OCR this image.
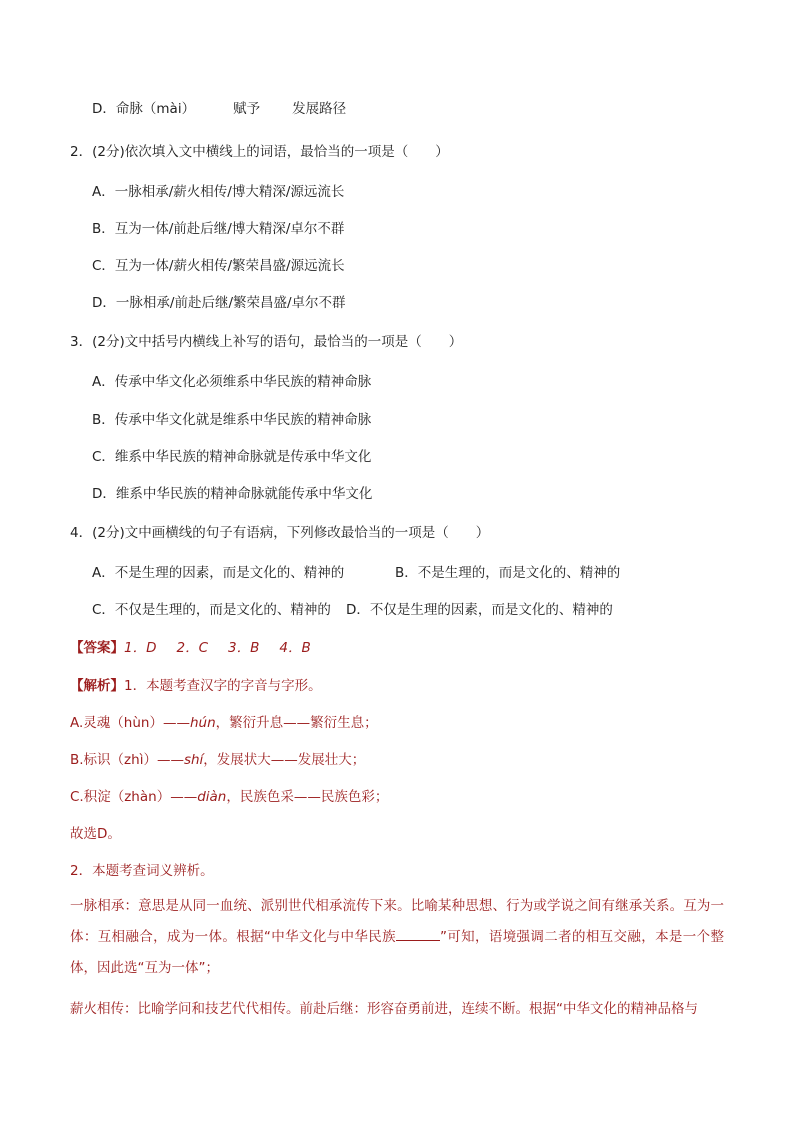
D．命脉（mài）	赋予 发展路径
2．(2分)依次填入文中横线上的词语，最恰当的一项是（　　）
A．一脉相承/薪火相传/博大精深/源远流长
B．互为一体/前赴后继/博大精深/卓尔不群
C．互为一体/薪火相传/繁荣昌盛/源远流长
D．一脉相承/前赴后继/繁荣昌盛/卓尔不群
3．(2分)文中括号内横线上补写的语句，最恰当的一项是（　　）
A．传承中华文化必须维系中华民族的精神命脉
B．传承中华文化就是维系中华民族的精神命脉
C．维系中华民族的精神命脉就是传承中华文化
D．维系中华民族的精神命脉就能传承中华文化
4．(2分)文中画横线的句子有语病，下列修改最恰当的一项是（　　）
A．不是生理的因素，而是文化的、精神的	B．不是生理的，而是文化的、精神的
C．不仅是生理的，而是文化的、精神的 D．不仅是生理的因素，而是文化的、精神的
【答案】1．D 2．C 3．B 4．B
【解析】1．本题考查汉字的字音与字形。
A.灵魂（hùn）——hún，繁衍升息——繁衍生息；
B.标识（zhì）——shí，发展状大——发展壮大；
C.积淀（zhàn）——diàn，民族色采——民族色彩；
故选D。
2．本题考查词义辨析。
一脉相承：意思是从同一血统、派别世代相承流传下来。比喻某种思想、行为或学说之间有继承关系。互为一体：互相融合，成为一体。根据“中华文化与中华民族	”可知，语境强调二者的相互交融，本是一个整体，因此选“互为一体”；
薪火相传：比喻学问和技艺代代相传。前赴后继：形容奋勇前进，连续不断。根据“中华文化的精神品格与
